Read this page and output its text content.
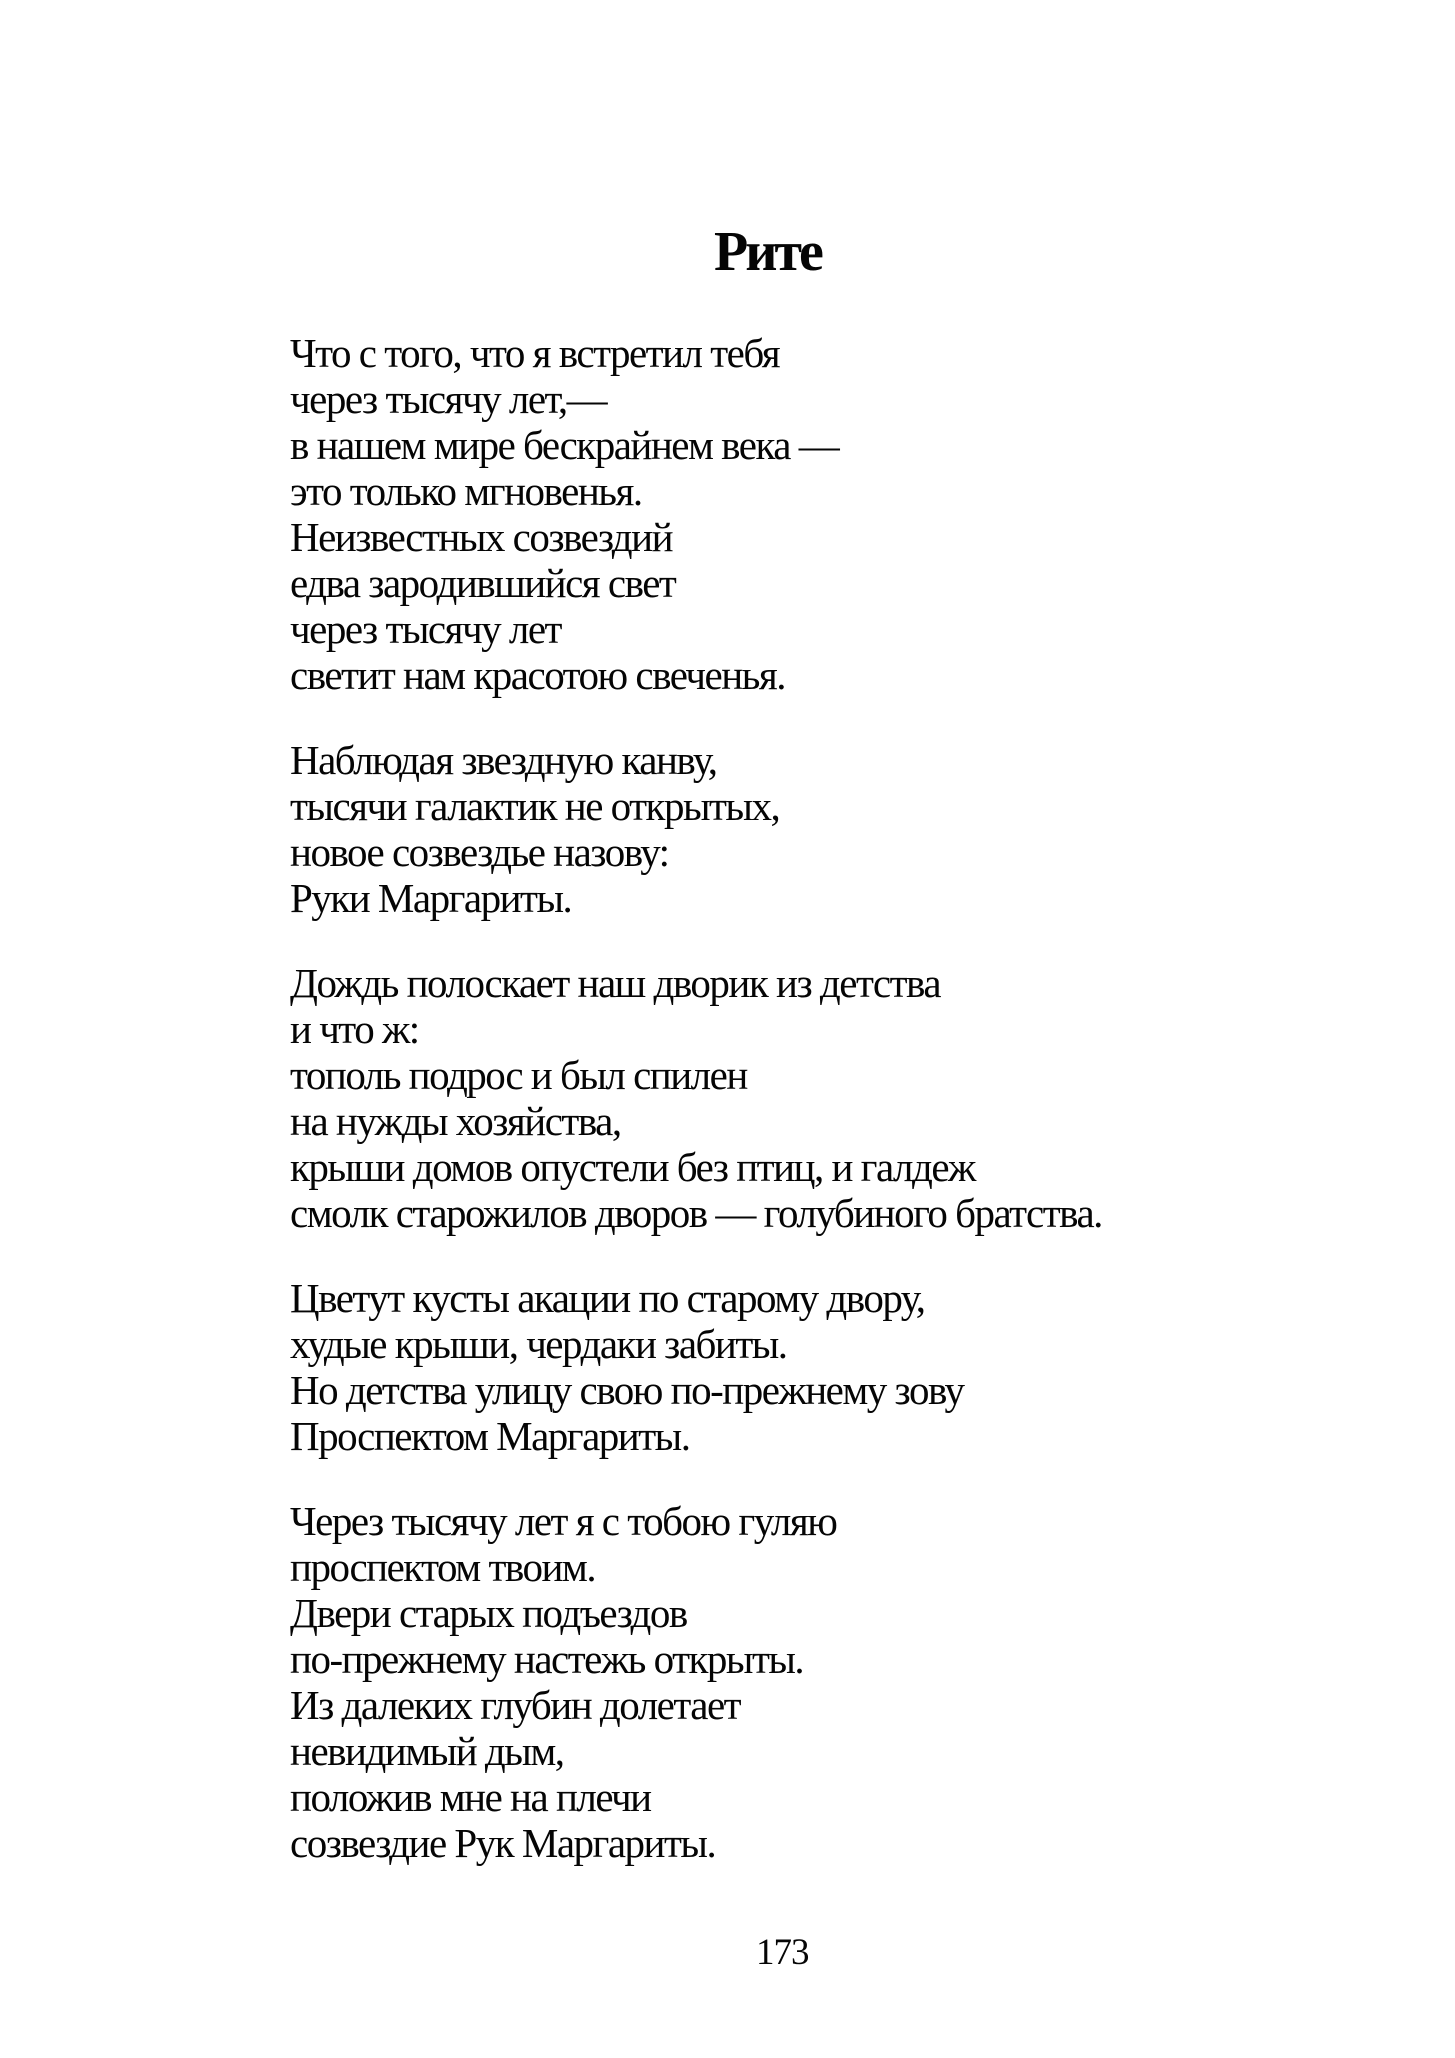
Рите
Что с того, что я встретил тебя
через тысячу лет,—
в нашем мире бескрайнем века —
это только мгновенья.
Неизвестных созвездий
едва зародившийся свет
через тысячу лет
светит нам красотою свеченья.
Наблюдая звездную канву,
тысячи галактик не открытых,
новое созвездье назову:
Руки Маргариты.
Дождь полоскает наш дворик из детства
и что ж:
тополь подрос и был спилен
на нужды хозяйства,
крыши домов опустели без птиц, и галдеж
смолк старожилов дворов — голубиного братства.
Цветут кусты акации по старому двору,
худые крыши, чердаки забиты.
Но детства улицу свою по-прежнему зову
Проспектом Маргариты.
Через тысячу лет я с тобою гуляю
проспектом твоим.
Двери старых подъездов
по-прежнему настежь открыты.
Из далеких глубин долетает
невидимый дым,
положив мне на плечи
созвездие Рук Маргариты.
173
